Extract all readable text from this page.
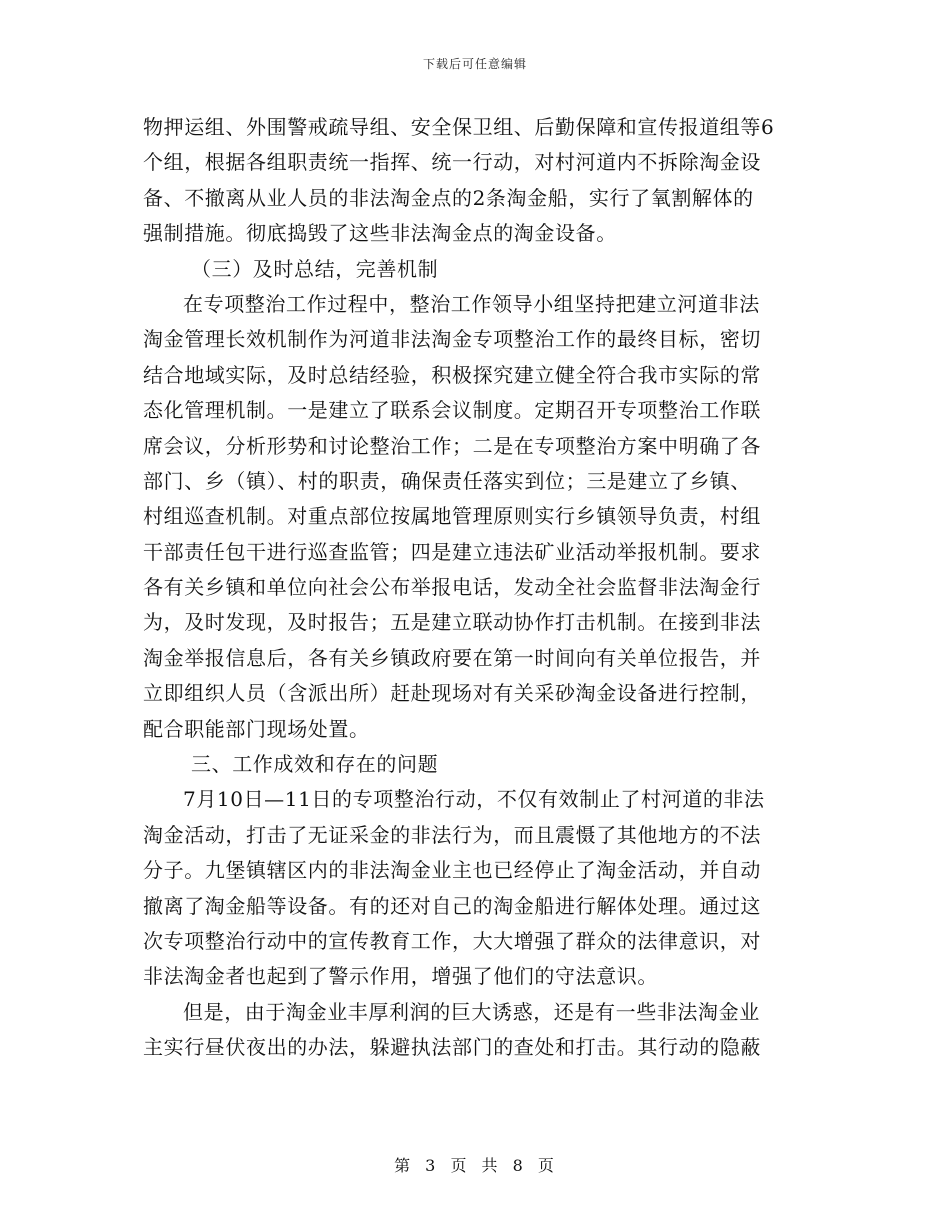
下载后可任意编辑
物押运组、外围警戒疏导组、安全保卫组、后勤保障和宣传报道组等6
个组，根据各组职责统一指挥、统一行动，对村河道内不拆除淘金设
备、不撤离从业人员的非法淘金点的2条淘金船，实行了氧割解体的
强制措施。彻底捣毁了这些非法淘金点的淘金设备。
（三）及时总结，完善机制
在专项整治工作过程中，整治工作领导小组坚持把建立河道非法
淘金管理长效机制作为河道非法淘金专项整治工作的最终目标，密切
结合地域实际，及时总结经验，积极探究建立健全符合我市实际的常
态化管理机制。一是建立了联系会议制度。定期召开专项整治工作联
席会议，分析形势和讨论整治工作；二是在专项整治方案中明确了各
部门、乡（镇）、村的职责，确保责任落实到位；三是建立了乡镇、
村组巡查机制。对重点部位按属地管理原则实行乡镇领导负责，村组
干部责任包干进行巡查监管；四是建立违法矿业活动举报机制。要求
各有关乡镇和单位向社会公布举报电话，发动全社会监督非法淘金行
为，及时发现，及时报告；五是建立联动协作打击机制。在接到非法
淘金举报信息后，各有关乡镇政府要在第一时间向有关单位报告，并
立即组织人员（含派出所）赶赴现场对有关采砂淘金设备进行控制，
配合职能部门现场处置。
三、工作成效和存在的问题
7月10日—11日的专项整治行动，不仅有效制止了村河道的非法
淘金活动，打击了无证采金的非法行为，而且震慑了其他地方的不法
分子。九堡镇辖区内的非法淘金业主也已经停止了淘金活动，并自动
撤离了淘金船等设备。有的还对自己的淘金船进行解体处理。通过这
次专项整治行动中的宣传教育工作，大大增强了群众的法律意识，对
非法淘金者也起到了警示作用，增强了他们的守法意识。
但是，由于淘金业丰厚利润的巨大诱惑，还是有一些非法淘金业
主实行昼伏夜出的办法，躲避执法部门的查处和打击。其行动的隐蔽
第 3 页 共 8 页
